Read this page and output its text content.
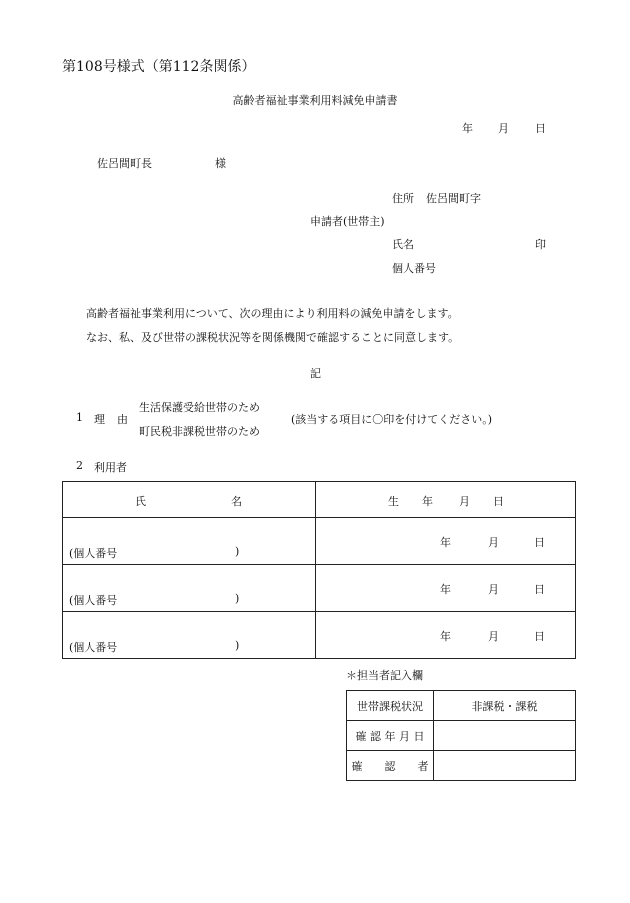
第108号様式（第112条関係）
高齢者福祉事業利用料減免申請書
年 月 日
佐呂間町長	様
住所 佐呂間町字
申請者(世帯主)
氏名	印
個人番号
高齢者福祉事業利用について、次の理由により利用料の減免申請をします。
なお、私、及び世帯の課税状況等を関係機関で確認することに同意します。
記
1 理 由
生活保護受給世帯のため
町民税非課税世帯のため
(該当する項目に〇印を付けてください。)
2 利用者
氏 名	生 年 月 日

(個人番号 )	年 月 日

(個人番号 )	年 月 日

(個人番号 )	年 月 日
＊担当者記入欄
世帯課税状況	非課税・課税
確 認 年 月 日	
確　　認　　者	
